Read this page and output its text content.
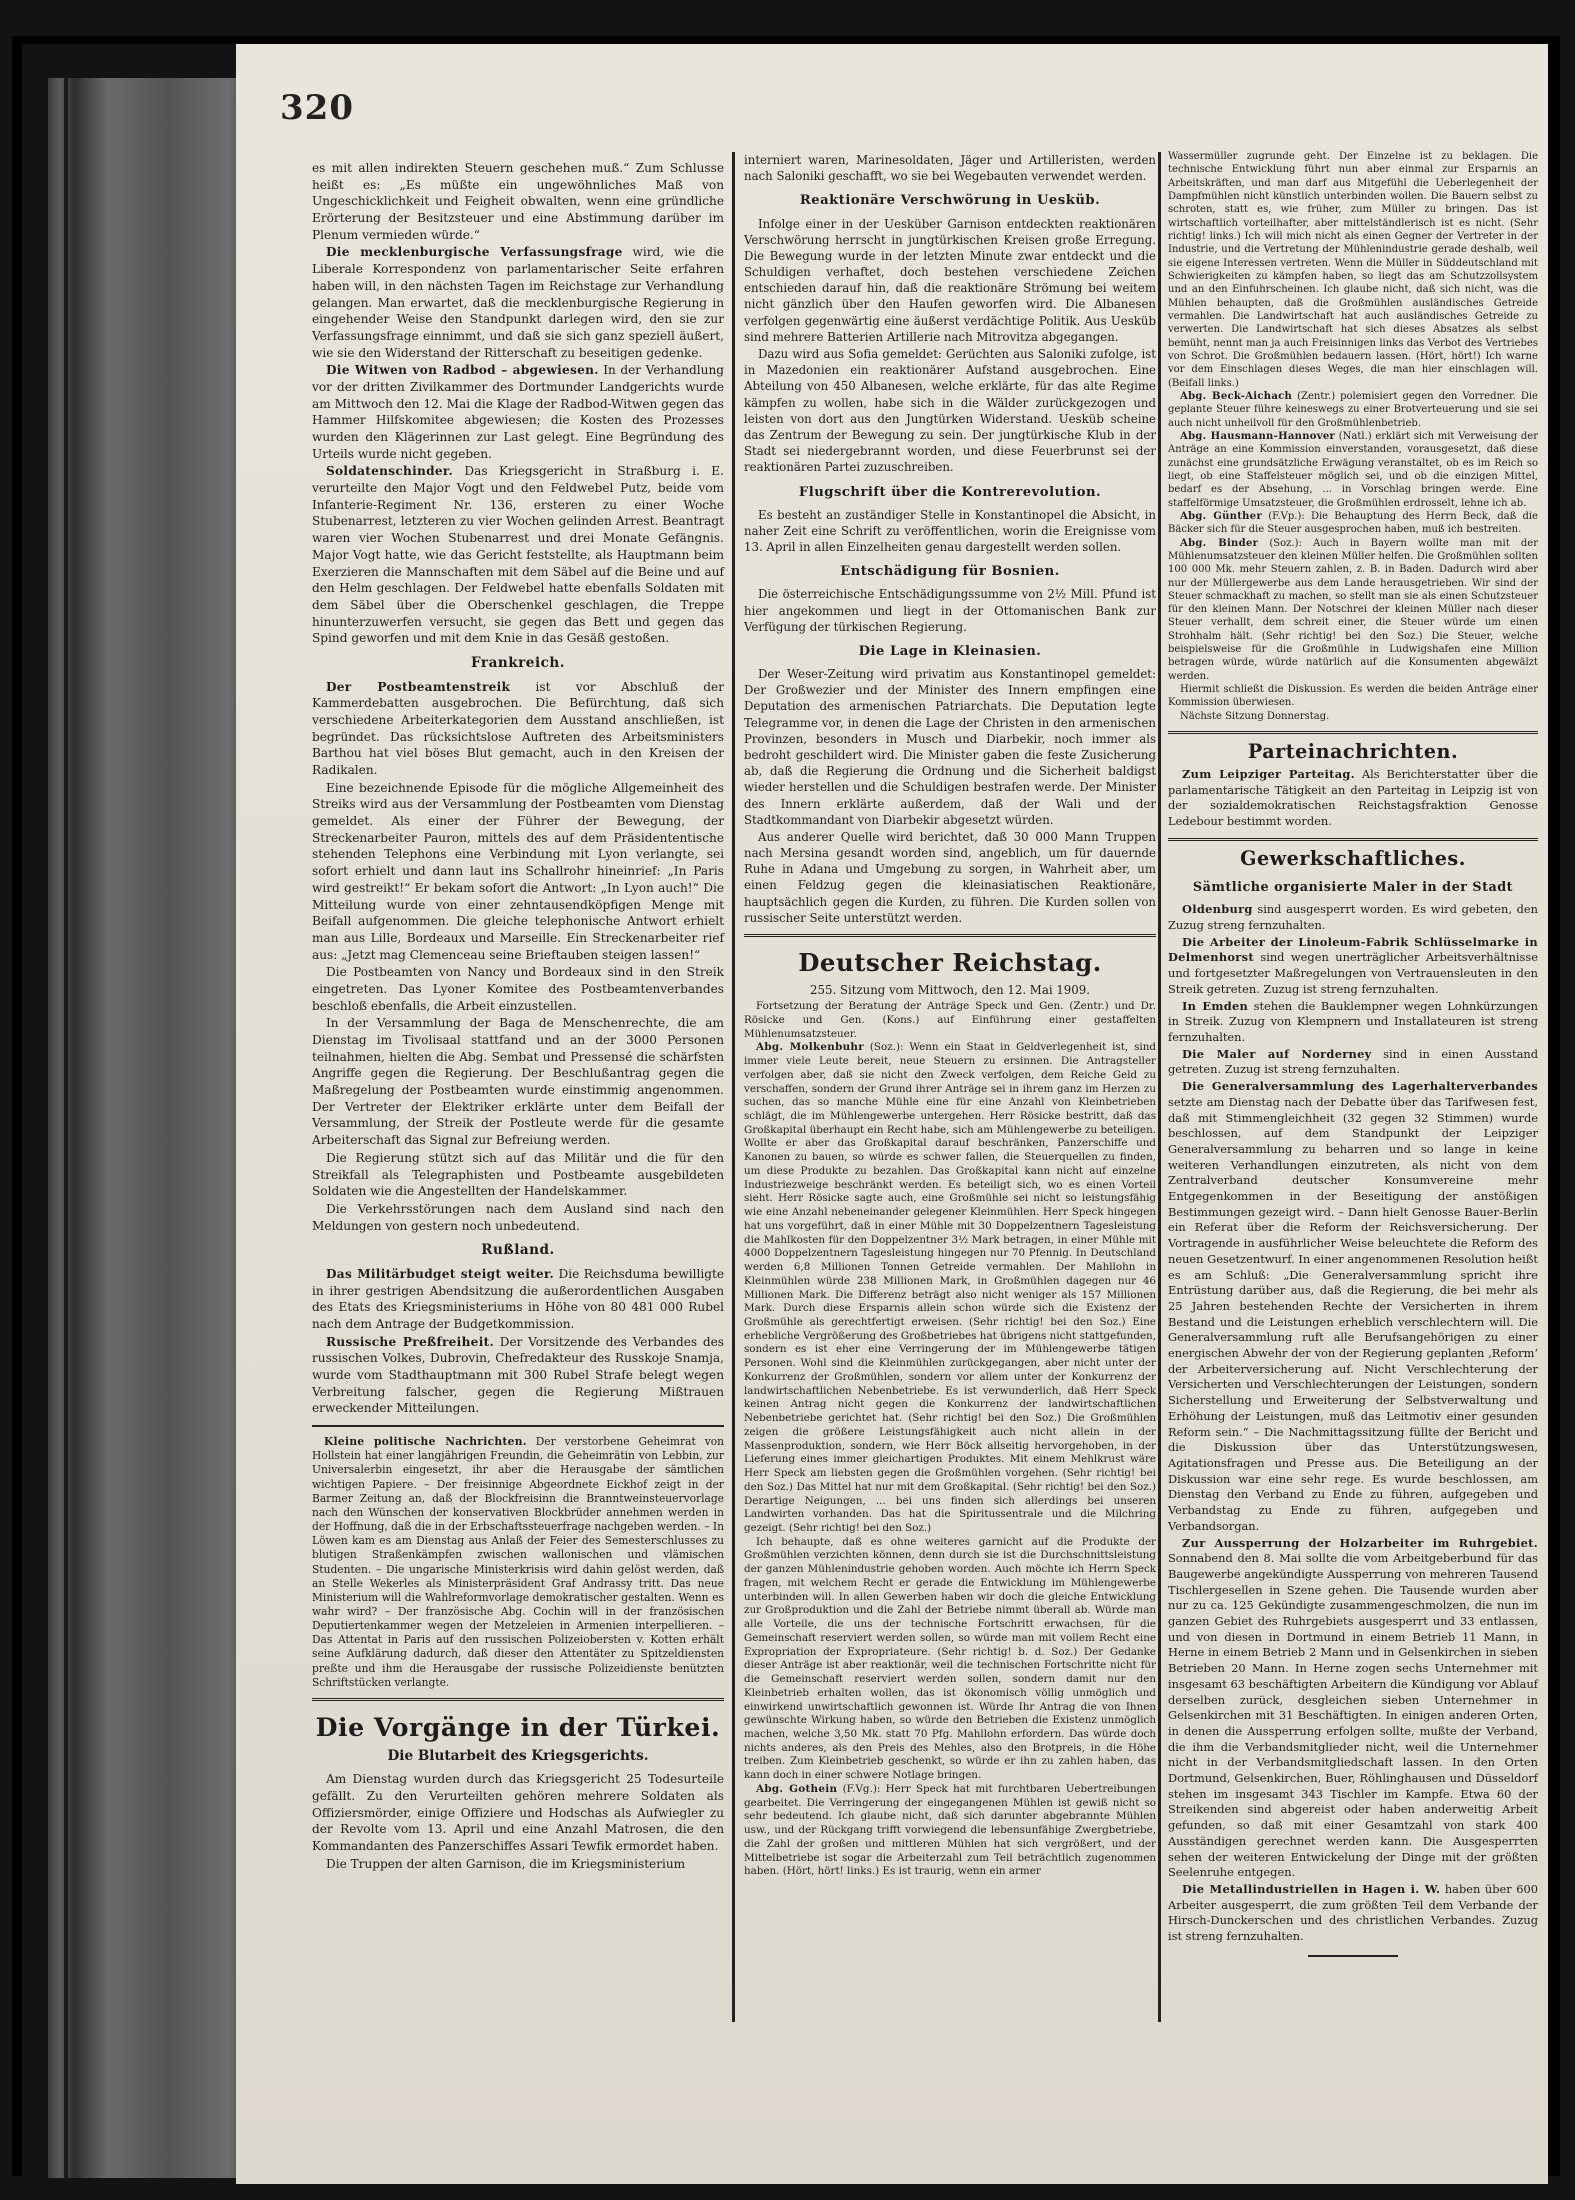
320

es mit allen indirekten Steuern geschehen muß.“ Zum Schlusse heißt es: „Es müßte ein ungewöhnliches Maß von Ungeschicklichkeit und Feigheit obwalten, wenn eine gründliche Erörterung der Besitzsteuer und eine Abstimmung darüber im Plenum vermieden würde.“

Die mecklenburgische Verfassungsfrage wird, wie die Liberale Korrespondenz von parlamentarischer Seite erfahren haben will, in den nächsten Tagen im Reichstage zur Verhandlung gelangen. Man erwartet, daß die mecklenburgische Regierung in eingehender Weise den Standpunkt darlegen wird, den sie zur Verfassungsfrage einnimmt, und daß sie sich ganz speziell äußert, wie sie den Widerstand der Ritterschaft zu beseitigen gedenke.

Die Witwen von Radbod – abgewiesen. In der Verhandlung vor der dritten Zivilkammer des Dortmunder Landgerichts wurde am Mittwoch den 12. Mai die Klage der Radbod-Witwen gegen das Hammer Hilfskomitee abgewiesen; die Kosten des Prozesses wurden den Klägerinnen zur Last gelegt. Eine Begründung des Urteils wurde nicht gegeben.

Soldatenschinder. Das Kriegsgericht in Straßburg i. E. verurteilte den Major Vogt und den Feldwebel Putz, beide vom Infanterie-Regiment Nr. 136, ersteren zu einer Woche Stubenarrest, letzteren zu vier Wochen gelinden Arrest. Beantragt waren vier Wochen Stubenarrest und drei Monate Gefängnis. Major Vogt hatte, wie das Gericht feststellte, als Hauptmann beim Exerzieren die Mannschaften mit dem Säbel auf die Beine und auf den Helm geschlagen. Der Feldwebel hatte ebenfalls Soldaten mit dem Säbel über die Oberschenkel geschlagen, die Treppe hinunterzuwerfen versucht, sie gegen das Bett und gegen das Spind geworfen und mit dem Knie in das Gesäß gestoßen.

Frankreich.

Der Postbeamtenstreik ist vor Abschluß der Kammerdebatten ausgebrochen. Die Befürchtung, daß sich verschiedene Arbeiterkategorien dem Ausstand anschließen, ist begründet. Das rücksichtslose Auftreten des Arbeitsministers Barthou hat viel böses Blut gemacht, auch in den Kreisen der Radikalen.

Eine bezeichnende Episode für die mögliche Allgemeinheit des Streiks wird aus der Versammlung der Postbeamten vom Dienstag gemeldet. Als einer der Führer der Bewegung, der Streckenarbeiter Pauron, mittels des auf dem Präsidententische stehenden Telephons eine Verbindung mit Lyon verlangte, sei sofort erhielt und dann laut ins Schallrohr hineinrief: „In Paris wird gestreikt!“ Er bekam sofort die Antwort: „In Lyon auch!“ Die Mitteilung wurde von einer zehntausendköpfigen Menge mit Beifall aufgenommen. Die gleiche telephonische Antwort erhielt man aus Lille, Bordeaux und Marseille. Ein Streckenarbeiter rief aus: „Jetzt mag Clemenceau seine Brieftauben steigen lassen!“

Die Postbeamten von Nancy und Bordeaux sind in den Streik eingetreten. Das Lyoner Komitee des Postbeamtenverbandes beschloß ebenfalls, die Arbeit einzustellen.

In der Versammlung der Baga de Menschenrechte, die am Dienstag im Tivolisaal stattfand und an der 3000 Personen teilnahmen, hielten die Abg. Sembat und Pressensé die schärfsten Angriffe gegen die Regierung. Der Beschlußantrag gegen die Maßregelung der Postbeamten wurde einstimmig angenommen. Der Vertreter der Elektriker erklärte unter dem Beifall der Versammlung, der Streik der Postleute werde für die gesamte Arbeiterschaft das Signal zur Befreiung werden.

Die Regierung stützt sich auf das Militär und die für den Streikfall als Telegraphisten und Postbeamte ausgebildeten Soldaten wie die Angestellten der Handelskammer.

Die Verkehrsstörungen nach dem Ausland sind nach den Meldungen von gestern noch unbedeutend.

Rußland.

Das Militärbudget steigt weiter. Die Reichsduma bewilligte in ihrer gestrigen Abendsitzung die außerordentlichen Ausgaben des Etats des Kriegsministeriums in Höhe von 80 481 000 Rubel nach dem Antrage der Budgetkommission.

Russische Preßfreiheit. Der Vorsitzende des Verbandes des russischen Volkes, Dubrovin, Chefredakteur des Russkoje Snamja, wurde vom Stadthauptmann mit 300 Rubel Strafe belegt wegen Verbreitung falscher, gegen die Regierung Mißtrauen erweckender Mitteilungen.

Kleine politische Nachrichten. Der verstorbene Geheimrat von Hollstein hat einer langjährigen Freundin, die Geheimrätin von Lebbin, zur Universalerbin eingesetzt, ihr aber die Herausgabe der sämtlichen wichtigen Papiere. – Der freisinnige Abgeordnete Eickhof zeigt in der Barmer Zeitung an, daß der Blockfreisinn die Branntweinsteuervorlage nach den Wünschen der konservativen Blockbrüder annehmen werden in der Hoffnung, daß die in der Erbschaftssteuerfrage nachgeben werden. – In Löwen kam es am Dienstag aus Anlaß der Feier des Semesterschlusses zu blutigen Straßenkämpfen zwischen wallonischen und vlämischen Studenten. – Die ungarische Ministerkrisis wird dahin gelöst werden, daß an Stelle Wekerles als Ministerpräsident Graf Andrassy tritt. Das neue Ministerium will die Wahlreformvorlage demokratischer gestalten. Wenn es wahr wird? – Der französische Abg. Cochin will in der französischen Deputiertenkammer wegen der Metzeleien in Armenien interpellieren. – Das Attentat in Paris auf den russischen Polizeiobersten v. Kotten erhält seine Aufklärung dadurch, daß dieser den Attentäter zu Spitzeldiensten preßte und ihm die Herausgabe der russische Polizeidienste benützten Schriftstücken verlangte.

Die Vorgänge in der Türkei.
Die Blutarbeit des Kriegsgerichts.

Am Dienstag wurden durch das Kriegsgericht 25 Todesurteile gefällt. Zu den Verurteilten gehören mehrere Soldaten als Offiziersmörder, einige Offiziere und Hodschas als Aufwiegler zu der Revolte vom 13. April und eine Anzahl Matrosen, die den Kommandanten des Panzerschiffes Assari Tewfik ermordet haben.

Die Truppen der alten Garnison, die im Kriegsministerium

interniert waren, Marinesoldaten, Jäger und Artilleristen, werden nach Saloniki geschafft, wo sie bei Wegebauten verwendet werden.

Reaktionäre Verschwörung in Uesküb.

Infolge einer in der Uesküber Garnison entdeckten reaktionären Verschwörung herrscht in jungtürkischen Kreisen große Erregung. Die Bewegung wurde in der letzten Minute zwar entdeckt und die Schuldigen verhaftet, doch bestehen verschiedene Zeichen entschieden darauf hin, daß die reaktionäre Strömung bei weitem nicht gänzlich über den Haufen geworfen wird. Die Albanesen verfolgen gegenwärtig eine äußerst verdächtige Politik. Aus Uesküb sind mehrere Batterien Artillerie nach Mitrovitza abgegangen.

Dazu wird aus Sofia gemeldet: Gerüchten aus Saloniki zufolge, ist in Mazedonien ein reaktionärer Aufstand ausgebrochen. Eine Abteilung von 450 Albanesen, welche erklärte, für das alte Regime kämpfen zu wollen, habe sich in die Wälder zurückgezogen und leisten von dort aus den Jungtürken Widerstand. Uesküb scheine das Zentrum der Bewegung zu sein. Der jungtürkische Klub in der Stadt sei niedergebrannt worden, und diese Feuerbrunst sei der reaktionären Partei zuzuschreiben.

Flugschrift über die Kontrerevolution.

Es besteht an zuständiger Stelle in Konstantinopel die Absicht, in naher Zeit eine Schrift zu veröffentlichen, worin die Ereignisse vom 13. April in allen Einzelheiten genau dargestellt werden sollen.

Entschädigung für Bosnien.

Die österreichische Entschädigungssumme von 2½ Mill. Pfund ist hier angekommen und liegt in der Ottomanischen Bank zur Verfügung der türkischen Regierung.

Die Lage in Kleinasien.

Der Weser-Zeitung wird privatim aus Konstantinopel gemeldet: Der Großwezier und der Minister des Innern empfingen eine Deputation des armenischen Patriarchats. Die Deputation legte Telegramme vor, in denen die Lage der Christen in den armenischen Provinzen, besonders in Musch und Diarbekir, noch immer als bedroht geschildert wird. Die Minister gaben die feste Zusicherung ab, daß die Regierung die Ordnung und die Sicherheit baldigst wieder herstellen und die Schuldigen bestrafen werde. Der Minister des Innern erklärte außerdem, daß der Wali und der Stadtkommandant von Diarbekir abgesetzt würden.

Aus anderer Quelle wird berichtet, daß 30 000 Mann Truppen nach Mersina gesandt worden sind, angeblich, um für dauernde Ruhe in Adana und Umgebung zu sorgen, in Wahrheit aber, um einen Feldzug gegen die kleinasiatischen Reaktionäre, hauptsächlich gegen die Kurden, zu führen. Die Kurden sollen von russischer Seite unterstützt werden.

Deutscher Reichstag.
255. Sitzung vom Mittwoch, den 12. Mai 1909.

Fortsetzung der Beratung der Anträge Speck und Gen. (Zentr.) und Dr. Rösicke und Gen. (Kons.) auf Einführung einer gestaffelten Mühlenumsatzsteuer.

Abg. Molkenbuhr (Soz.): Wenn ein Staat in Geldverlegenheit ist, sind immer viele Leute bereit, neue Steuern zu ersinnen. Die Antragsteller verfolgen aber, daß sie nicht den Zweck verfolgen, dem Reiche Geld zu verschaffen, sondern der Grund ihrer Anträge sei in ihrem ganz im Herzen zu suchen, das so manche Mühle eine für eine Anzahl von Kleinbetrieben schlägt, die im Mühlengewerbe untergehen. Herr Rösicke bestritt, daß das Großkapital überhaupt ein Recht habe, sich am Mühlengewerbe zu beteiligen. Wollte er aber das Großkapital darauf beschränken, Panzerschiffe und Kanonen zu bauen, so würde es schwer fallen, die Steuerquellen zu finden, um diese Produkte zu bezahlen. Das Großkapital kann nicht auf einzelne Industriezweige beschränkt werden. Es beteiligt sich, wo es einen Vorteil sieht. Herr Rösicke sagte auch, eine Großmühle sei nicht so leistungsfähig wie eine Anzahl nebeneinander gelegener Kleinmühlen. Herr Speck hingegen hat uns vorgeführt, daß in einer Mühle mit 30 Doppelzentnern Tagesleistung die Mahlkosten für den Doppelzentner 3½ Mark betragen, in einer Mühle mit 4000 Doppelzentnern Tagesleistung hingegen nur 70 Pfennig. In Deutschland werden 6,8 Millionen Tonnen Getreide vermahlen. Der Mahllohn in Kleinmühlen würde 238 Millionen Mark, in Großmühlen dagegen nur 46 Millionen Mark. Die Differenz beträgt also nicht weniger als 157 Millionen Mark. Durch diese Ersparnis allein schon würde sich die Existenz der Großmühle als gerechtfertigt erweisen. (Sehr richtig! bei den Soz.) Eine erhebliche Vergrößerung des Großbetriebes hat übrigens nicht stattgefunden, sondern es ist eher eine Verringerung der im Mühlengewerbe tätigen Personen. Wohl sind die Kleinmühlen zurückgegangen, aber nicht unter der Konkurrenz der Großmühlen, sondern vor allem unter der Konkurrenz der landwirtschaftlichen Nebenbetriebe. Es ist verwunderlich, daß Herr Speck keinen Antrag nicht gegen die Konkurrenz der landwirtschaftlichen Nebenbetriebe gerichtet hat. (Sehr richtig! bei den Soz.) Die Großmühlen zeigen die größere Leistungsfähigkeit auch nicht allein in der Massenproduktion, sondern, wie Herr Böck allseitig hervorgehoben, in der Lieferung eines immer gleichartigen Produktes. Mit einem Mehlkrust wäre Herr Speck am liebsten gegen die Großmühlen vorgehen. (Sehr richtig! bei den Soz.) Das Mittel hat nur mit dem Großkapital. (Sehr richtig! bei den Soz.) Derartige Neigungen, ... bei uns finden sich allerdings bei unseren Landwirten vorhanden. Das hat die Spiritussentrale und die Milchring gezeigt. (Sehr richtig! bei den Soz.)

Ich behaupte, daß es ohne weiteres garnicht auf die Produkte der Großmühlen verzichten können, denn durch sie ist die Durchschnittsleistung der ganzen Mühlenindustrie gehoben worden. Auch möchte ich Herrn Speck fragen, mit welchem Recht er gerade die Entwicklung im Mühlengewerbe unterbinden will. In allen Gewerben haben wir doch die gleiche Entwicklung zur Großproduktion und die Zahl der Betriebe nimmt überall ab. Würde man alle Vorteile, die uns der technische Fortschritt erwachsen, für die Gemeinschaft reserviert werden sollen, so würde man mit vollem Recht eine Expropriation der Expropriateure. (Sehr richtig! b. d. Soz.) Der Gedanke dieser Anträge ist aber reaktionär, weil die technischen Fortschritte nicht für die Gemeinschaft reserviert werden sollen, sondern damit nur den Kleinbetrieb erhalten wollen, das ist ökonomisch völlig unmöglich und einwirkend unwirtschaftlich gewonnen ist. Würde Ihr Antrag die von Ihnen gewünschte Wirkung haben, so würde den Betrieben die Existenz unmöglich machen, welche 3,50 Mk. statt 70 Pfg. Mahllohn erfordern. Das würde doch nichts anderes, als den Preis des Mehles, also den Brotpreis, in die Höhe treiben. Zum Kleinbetrieb geschenkt, so würde er ihn zu zahlen haben, das kann doch in einer schwere Notlage bringen.

Abg. Gothein (F.Vg.): Herr Speck hat mit furchtbaren Uebertreibungen gearbeitet. Die Verringerung der eingegangenen Mühlen ist gewiß nicht so sehr bedeutend. Ich glaube nicht, daß sich darunter abgebrannte Mühlen usw., und der Rückgang trifft vorwiegend die lebensunfähige Zwergbetriebe, die Zahl der großen und mittleren Mühlen hat sich vergrößert, und der Mittelbetriebe ist sogar die Arbeiterzahl zum Teil beträchtlich zugenommen haben. (Hört, hört! links.) Es ist traurig, wenn ein armer

Wassermüller zugrunde geht. Der Einzelne ist zu beklagen. Die technische Entwicklung führt nun aber einmal zur Ersparnis an Arbeitskräften, und man darf aus Mitgefühl die Ueberlegenheit der Dampfmühlen nicht künstlich unterbinden wollen. Die Bauern selbst zu schroten, statt es, wie früher, zum Müller zu bringen. Das ist wirtschaftlich vorteilhafter, aber mittelständlerisch ist es nicht. (Sehr richtig! links.) Ich will mich nicht als einen Gegner der Vertreter in der Industrie, und die Vertretung der Mühlenindustrie gerade deshalb, weil sie eigene Interessen vertreten. Wenn die Müller in Süddeutschland mit Schwierigkeiten zu kämpfen haben, so liegt das am Schutzzollsystem und an den Einfuhrscheinen. Ich glaube nicht, daß sich nicht, was die Mühlen behaupten, daß die Großmühlen ausländisches Getreide vermahlen. Die Landwirtschaft hat auch ausländisches Getreide zu verwerten. Die Landwirtschaft hat sich dieses Absatzes als selbst bemüht, nennt man ja auch Freisinnigen links das Verbot des Vertriebes von Schrot. Die Großmühlen bedauern lassen. (Hört, hört!) Ich warne vor dem Einschlagen dieses Weges, die man hier einschlagen will. (Beifall links.)

Abg. Beck-Aichach (Zentr.) polemisiert gegen den Vorredner. Die geplante Steuer führe keineswegs zu einer Brotverteuerung und sie sei auch nicht unheilvoll für den Großmühlenbetrieb.

Abg. Hausmann-Hannover (Natl.) erklärt sich mit Verweisung der Anträge an eine Kommission einverstanden, vorausgesetzt, daß diese zunächst eine grundsätzliche Erwägung veranstaltet, ob es im Reich so liegt, ob eine Staffelsteuer möglich sei, und ob die einzigen Mittel, bedarf es der Absehung, ... in Vorschlag bringen werde. Eine staffelförmige Umsatzsteuer, die Großmühlen erdrosselt, lehne ich ab.

Abg. Günther (F.Vp.): Die Behauptung des Herrn Beck, daß die Bäcker sich für die Steuer ausgesprochen haben, muß ich bestreiten.

Abg. Binder (Soz.): Auch in Bayern wollte man mit der Mühlenumsatzsteuer den kleinen Müller helfen. Die Großmühlen sollten 100 000 Mk. mehr Steuern zahlen, z. B. in Baden. Dadurch wird aber nur der Müllergewerbe aus dem Lande herausgetrieben. Wir sind der Steuer schmackhaft zu machen, so stellt man sie als einen Schutzsteuer für den kleinen Mann. Der Notschrei der kleinen Müller nach dieser Steuer verhallt, dem schreit einer, die Steuer würde um einen Strohhalm hält. (Sehr richtig! bei den Soz.) Die Steuer, welche beispielsweise für die Großmühle in Ludwigshafen eine Million betragen würde, würde natürlich auf die Konsumenten abgewälzt werden.

Hiermit schließt die Diskussion. Es werden die beiden Anträge einer Kommission überwiesen.

Nächste Sitzung Donnerstag.

Parteinachrichten.

Zum Leipziger Parteitag. Als Berichterstatter über die parlamentarische Tätigkeit an den Parteitag in Leipzig ist von der sozialdemokratischen Reichstagsfraktion Genosse Ledebour bestimmt worden.

Gewerkschaftliches.
Sämtliche organisierte Maler in der Stadt

Oldenburg sind ausgesperrt worden. Es wird gebeten, den Zuzug streng fernzuhalten.

Die Arbeiter der Linoleum-Fabrik Schlüsselmarke in Delmenhorst sind wegen unerträglicher Arbeitsverhältnisse und fortgesetzter Maßregelungen von Vertrauensleuten in den Streik getreten. Zuzug ist streng fernzuhalten.

In Emden stehen die Bauklempner wegen Lohnkürzungen in Streik. Zuzug von Klempnern und Installateuren ist streng fernzuhalten.

Die Maler auf Norderney sind in einen Ausstand getreten. Zuzug ist streng fernzuhalten.

Die Generalversammlung des Lagerhalterverbandes setzte am Dienstag nach der Debatte über das Tarifwesen fest, daß mit Stimmengleichheit (32 gegen 32 Stimmen) wurde beschlossen, auf dem Standpunkt der Leipziger Generalversammlung zu beharren und so lange in keine weiteren Verhandlungen einzutreten, als nicht von dem Zentralverband deutscher Konsumvereine mehr Entgegenkommen in der Beseitigung der anstößigen Bestimmungen gezeigt wird. – Dann hielt Genosse Bauer-Berlin ein Referat über die Reform der Reichsversicherung. Der Vortragende in ausführlicher Weise beleuchtete die Reform des neuen Gesetzentwurf. In einer angenommenen Resolution heißt es am Schluß: „Die Generalversammlung spricht ihre Entrüstung darüber aus, daß die Regierung, die bei mehr als 25 Jahren bestehenden Rechte der Versicherten in ihrem Bestand und die Leistungen erheblich verschlechtern will. Die Generalversammlung ruft alle Berufsangehörigen zu einer energischen Abwehr der von der Regierung geplanten ‚Reform‘ der Arbeiterversicherung auf. Nicht Verschlechterung der Versicherten und Verschlechterungen der Leistungen, sondern Sicherstellung und Erweiterung der Selbstverwaltung und Erhöhung der Leistungen, muß das Leitmotiv einer gesunden Reform sein.“ – Die Nachmittagssitzung füllte der Bericht und die Diskussion über das Unterstützungswesen, Agitationsfragen und Presse aus. Die Beteiligung an der Diskussion war eine sehr rege. Es wurde beschlossen, am Dienstag den Verband zu Ende zu führen, aufgegeben und Verbandstag zu Ende zu führen, aufgegeben und Verbandsorgan.

Zur Aussperrung der Holzarbeiter im Ruhrgebiet. Sonnabend den 8. Mai sollte die vom Arbeitgeberbund für das Baugewerbe angekündigte Aussperrung von mehreren Tausend Tischlergesellen in Szene gehen. Die Tausende wurden aber nur zu ca. 125 Gekündigte zusammengeschmolzen, die nun im ganzen Gebiet des Ruhrgebiets ausgesperrt und 33 entlassen, und von diesen in Dortmund in einem Betrieb 11 Mann, in Herne in einem Betrieb 2 Mann und in Gelsenkirchen in sieben Betrieben 20 Mann. In Herne zogen sechs Unternehmer mit insgesamt 63 beschäftigten Arbeitern die Kündigung vor Ablauf derselben zurück, desgleichen sieben Unternehmer in Gelsenkirchen mit 31 Beschäftigten. In einigen anderen Orten, in denen die Aussperrung erfolgen sollte, mußte der Verband, die ihm die Verbandsmitglieder nicht, weil die Unternehmer nicht in der Verbandsmitgliedschaft lassen. In den Orten Dortmund, Gelsenkirchen, Buer, Röhlinghausen und Düsseldorf stehen im insgesamt 343 Tischler im Kampfe. Etwa 60 der Streikenden sind abgereist oder haben anderweitig Arbeit gefunden, so daß mit einer Gesamtzahl von stark 400 Ausständigen gerechnet werden kann. Die Ausgesperrten sehen der weiteren Entwickelung der Dinge mit der größten Seelenruhe entgegen.

Die Metallindustriellen in Hagen i. W. haben über 600 Arbeiter ausgesperrt, die zum größten Teil dem Verbande der Hirsch-Dunckerschen und des christlichen Verbandes. Zuzug ist streng fernzuhalten.
